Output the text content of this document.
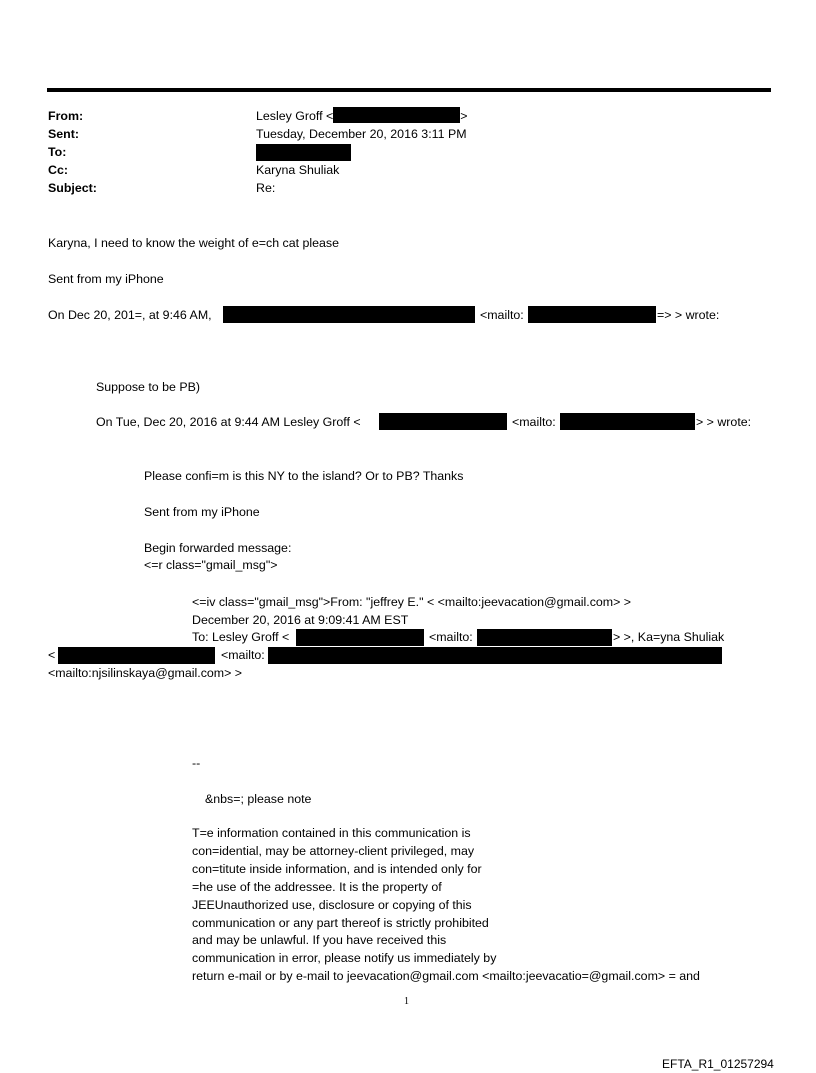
From:	Lesley Groff <	>
Sent:	Tuesday, December 20, 2016 3:11 PM
To:
Cc:	Karyna Shuliak
Subject:	Re:
Karyna, I need to know the weight of e=ch cat please
Sent from my iPhone
On Dec 20, 201=, at 9:46 AM,	<mailto:	=> > wrote:
Suppose to be PB)
On Tue, Dec 20, 2016 at 9:44 AM Lesley Groff <	<mailto:	> > wrote:
Please confi=m is this NY to the island? Or to PB? Thanks
Sent from my iPhone
Begin forwarded message:
<=r class="gmail_msg">
<=iv class="gmail_msg">From: "jeffrey E." < <mailto:jeevacation@gmail.com> >
December 20, 2016 at 9:09:41 AM EST
To: Lesley Groff <	<mailto:	> >, Ka=yna Shuliak
<	<mailto:
<mailto:njsilinskaya@gmail.com> >
--
&nbs=; please note
T=e information contained in this communication is
con=idential, may be attorney-client privileged, may
con=titute inside information, and is intended only for
=he use of the addressee. It is the property of
JEEUnauthorized use, disclosure or copying of this
communication or any part thereof is strictly prohibited
and may be unlawful. If you have received this
communication in error, please notify us immediately by
return e-mail or by e-mail to jeevacation@gmail.com <mailto:jeevacatio=@gmail.com> = and
1
EFTA_R1_01257294
